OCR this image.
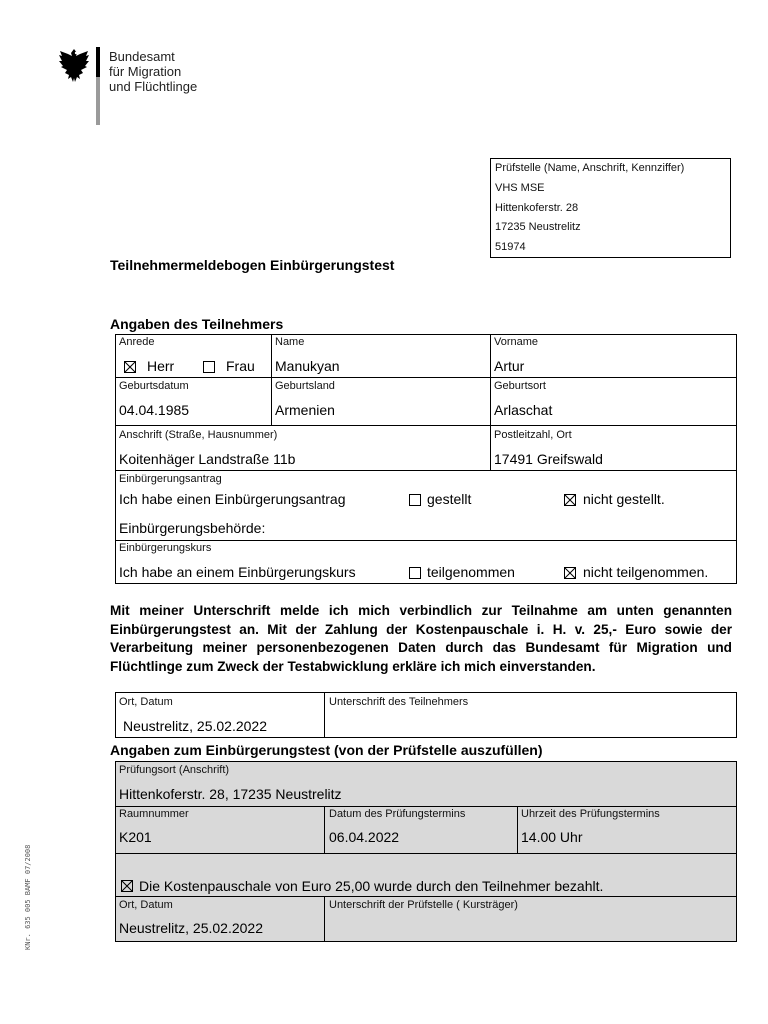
Bundesamt
für Migration
und Flüchtlinge
Prüfstelle (Name, Anschrift, Kennziffer)
VHS MSE
Hittenkoferstr. 28
17235 Neustrelitz
51974
Teilnehmermeldebogen Einbürgerungstest
Angaben des Teilnehmers
Anrede
Herr	Frau
Name
Manukyan
Vorname
Artur
Geburtsdatum
04.04.1985
Geburtsland
Armenien
Geburtsort
Arlaschat
Anschrift (Straße, Hausnummer)
Koitenhäger Landstraße 11b
Postleitzahl, Ort
17491 Greifswald
Einbürgerungsantrag
Ich habe einen Einbürgerungsantrag	gestellt	nicht gestellt.
Einbürgerungsbehörde:
Einbürgerungskurs
Ich habe an einem Einbürgerungskurs	teilgenommen	nicht teilgenommen.
Mit meiner Unterschrift melde ich mich verbindlich zur Teilnahme am unten genannten Einbürgerungstest an. Mit der Zahlung der Kostenpauschale i. H. v. 25,- Euro sowie der Verarbeitung meiner personenbezogenen Daten durch das Bundesamt für Migration und Flüchtlinge zum Zweck der Testabwicklung erkläre ich mich einverstanden.
Ort, Datum
Neustrelitz, 25.02.2022
Unterschrift des Teilnehmers
Angaben zum Einbürgerungstest (von der Prüfstelle auszufüllen)
Prüfungsort (Anschrift)
Hittenkoferstr. 28, 17235 Neustrelitz
Raumnummer
K201
Datum des Prüfungstermins
06.04.2022
Uhrzeit des Prüfungstermins
14.00 Uhr
Die Kostenpauschale von Euro 25,00 wurde durch den Teilnehmer bezahlt.
Ort, Datum
Neustrelitz, 25.02.2022
Unterschrift der Prüfstelle ( Kursträger)
KNr. 635 005 BAMF 07/2008
